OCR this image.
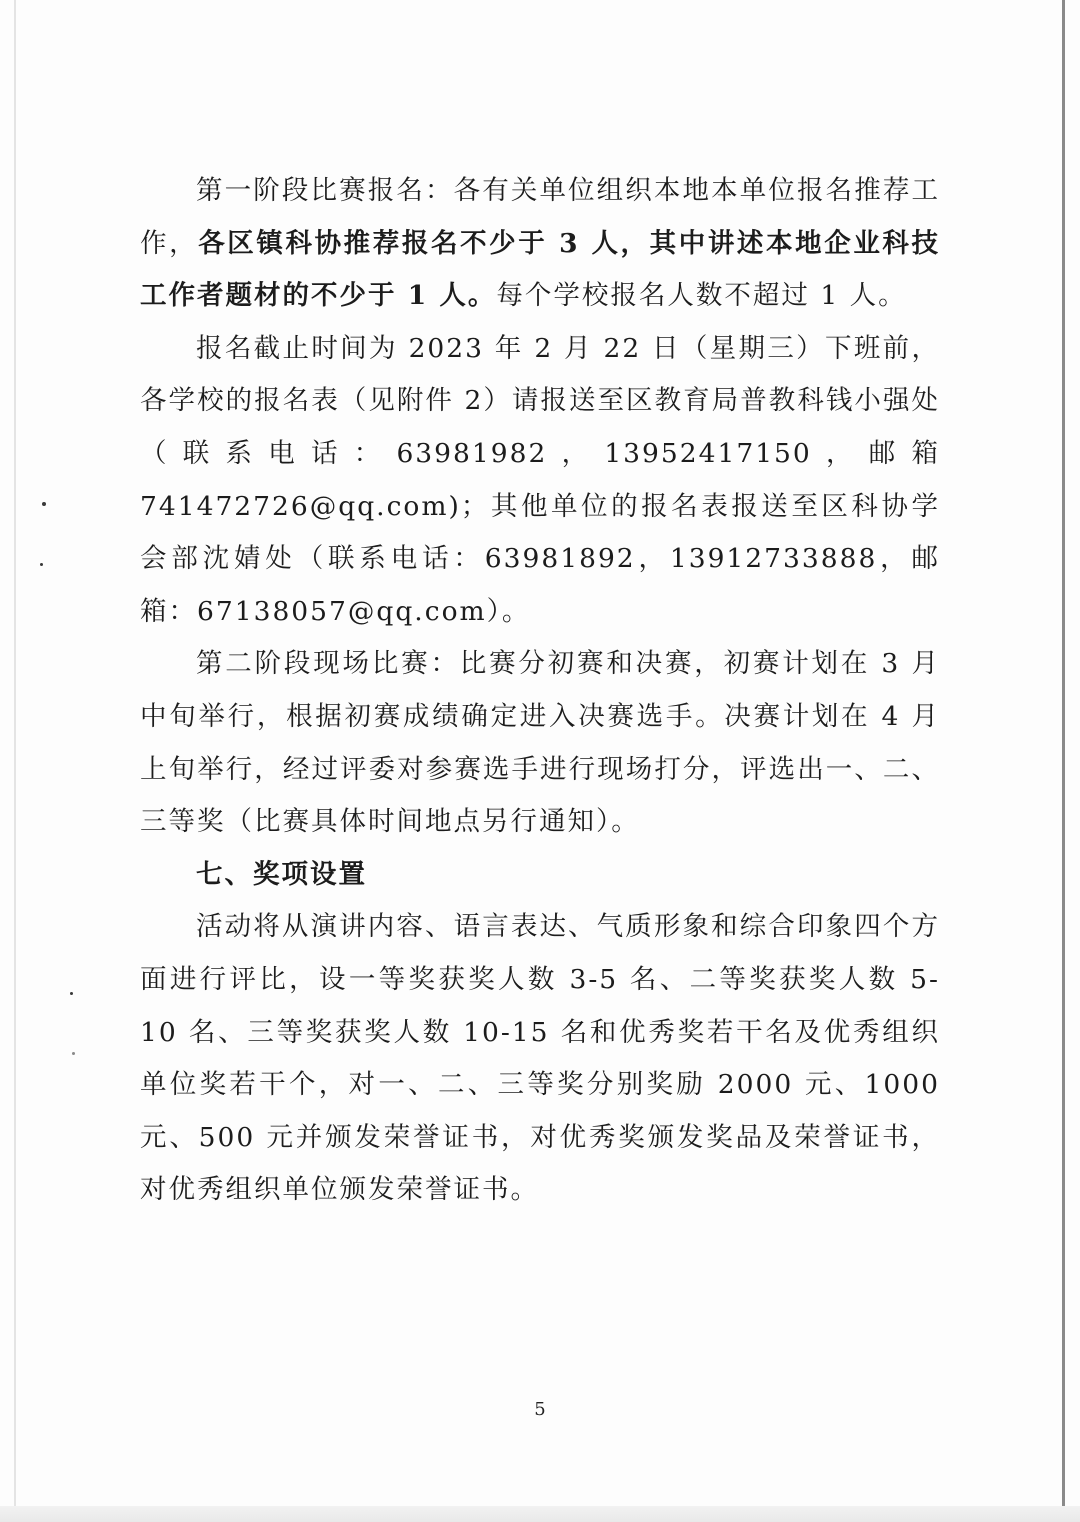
第一阶段比赛报名：各有关单位组织本地本单位报名推荐工作，各区镇科协推荐报名不少于 3 人，其中讲述本地企业科技工作者题材的不少于 1 人。每个学校报名人数不超过 1 人。

报名截止时间为 2023 年 2 月 22 日（星期三）下班前，各学校的报名表（见附件 2）请报送至区教育局普教科钱小强处（联系电话：63981982，13952417150，邮箱 741472726@qq.com)；其他单位的报名表报送至区科协学会部沈婧处（联系电话：63981892，13912733888，邮箱：67138057@qq.com）。

第二阶段现场比赛：比赛分初赛和决赛，初赛计划在 3 月中旬举行，根据初赛成绩确定进入决赛选手。决赛计划在 4 月上旬举行，经过评委对参赛选手进行现场打分，评选出一、二、三等奖（比赛具体时间地点另行通知）。

七、奖项设置

活动将从演讲内容、语言表达、气质形象和综合印象四个方面进行评比，设一等奖获奖人数 3-5 名、二等奖获奖人数 5-10 名、三等奖获奖人数 10-15 名和优秀奖若干名及优秀组织单位奖若干个，对一、二、三等奖分别奖励 2000 元、1000 元、500 元并颁发荣誉证书，对优秀奖颁发奖品及荣誉证书，对优秀组织单位颁发荣誉证书。

5
